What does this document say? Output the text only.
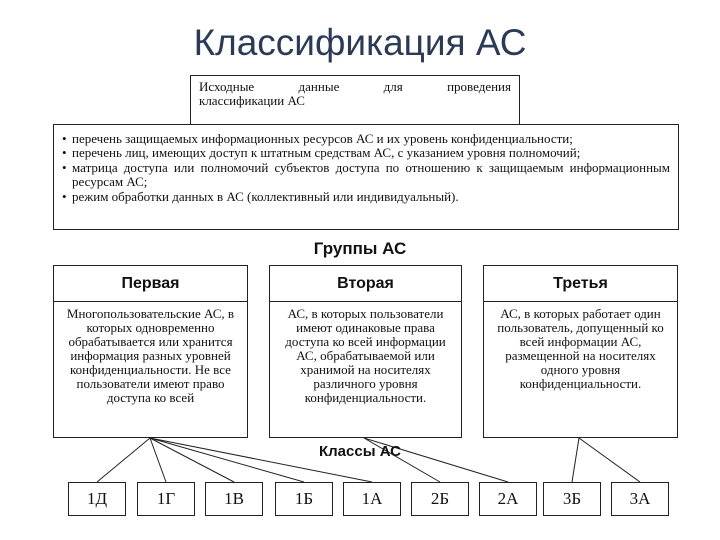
Классификация АС
Исходные	данные	для	проведения
классификации АС
• перечень защищаемых информационных ресурсов АС и их уровень конфиденциальности;
• перечень лиц, имеющих доступ к штатным средствам АС, с указанием уровня полномочий;
• матрица доступа или полномочий субъектов доступа по отношению к защищаемым информационным ресурсам АС;
• режим обработки данных в АС (коллективный или индивидуальный).
Группы АС
Первая
Многопользовательские АС, в которых одновременно обрабатывается или хранится информация разных уровней конфиденциальности. Не все пользователи имеют право доступа ко всей
Вторая
АС, в которых пользователи имеют одинаковые права доступа ко всей информации АС, обрабатываемой или хранимой на носителях различного уровня конфиденциальности.
Третья
АС, в которых работает один пользователь, допущенный ко всей информации АС, размещенной на носителях одного уровня конфиденциальности.
Классы АС
1Д	1Г	1В	1Б	1А	2Б	2А	3Б	3А
